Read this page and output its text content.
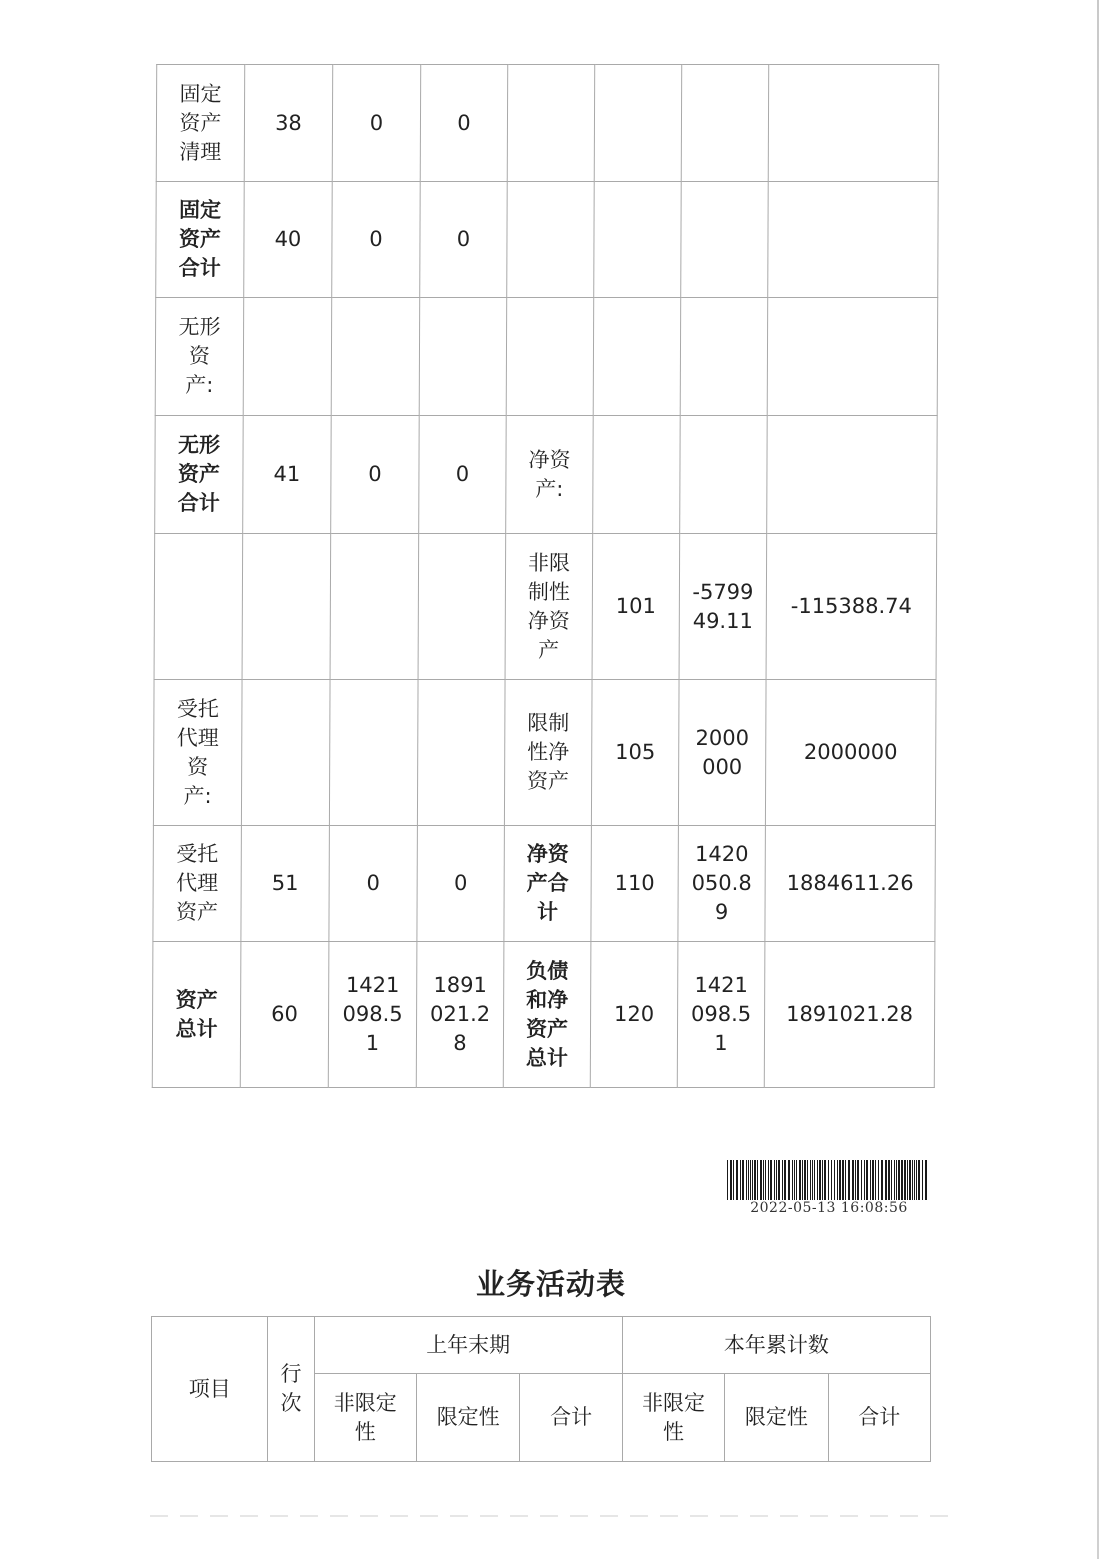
固定资产清理	38	0	0				
固定资产合计	40	0	0				
无形资产:							
无形资产合计	41	0	0	净资产:			
				非限制性净资产	101	-579949.11	-115388.74
受托代理资产:				限制性净资产	105	2000000	2000000
受托代理资产	51	0	0	净资产合计	110	1420050.89	1884611.26
资产总计	60	1421098.51	1891021.28	负债和净资产总计	120	1421098.51	1891021.28
2022-05-13 16:08:56
业务活动表
项目	行次	上年末期			本年累计数		
		非限定性	限定性	合计	非限定性	限定性	合计
